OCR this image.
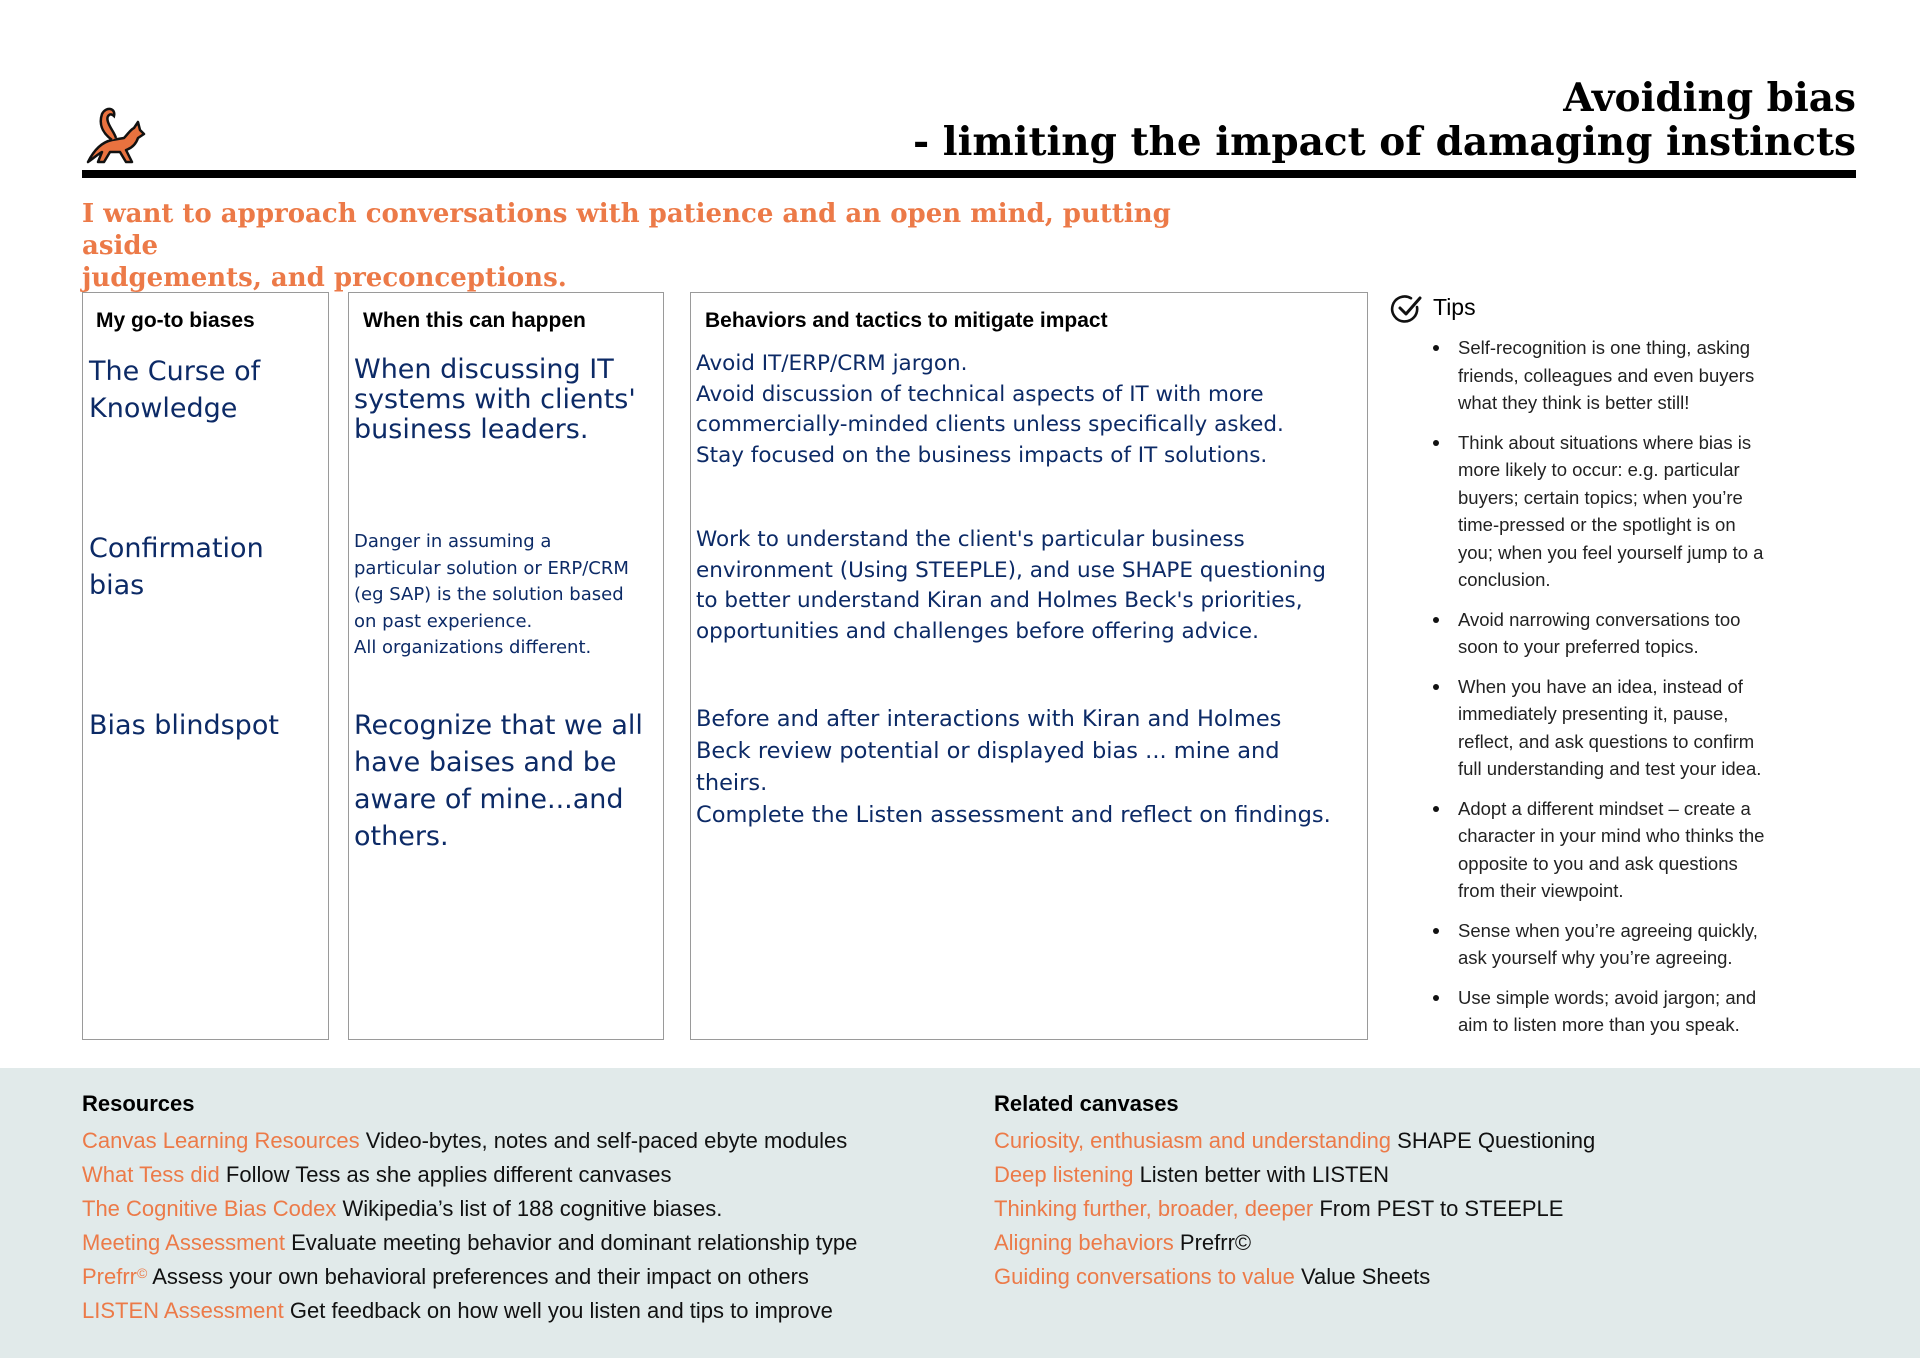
Avoiding bias
- limiting the impact of damaging instincts
I want to approach conversations with patience and an open mind, putting aside
judgements, and preconceptions.
My go-to biases
The Curse of
Knowledge
Confirmation
bias
Bias blindspot
When this can happen
When discussing IT
systems with clients'
business leaders.
Danger in assuming a
particular solution or ERP/CRM
(eg SAP) is the solution based
on past experience.
All organizations different.
Recognize that we all
have baises and be
aware of mine...and
others.
Behaviors and tactics to mitigate impact
Avoid IT/ERP/CRM jargon.
Avoid discussion of technical aspects of IT with more
commercially-minded clients unless specifically asked.
Stay focused on the business impacts of IT solutions.
Work to understand the client's particular business
environment (Using STEEPLE), and use SHAPE questioning
to better understand Kiran and Holmes Beck's priorities,
opportunities and challenges before offering advice.
Before and after interactions with Kiran and Holmes
Beck review potential or displayed bias ... mine and
theirs.
Complete the Listen assessment and reflect on findings.
Tips
Self-recognition is one thing, asking
friends, colleagues and even buyers
what they think is better still!
Think about situations where bias is
more likely to occur: e.g. particular
buyers; certain topics; when you’re
time-pressed or the spotlight is on
you; when you feel yourself jump to a
conclusion.
Avoid narrowing conversations too
soon to your preferred topics.
When you have an idea, instead of
immediately presenting it, pause,
reflect, and ask questions to confirm
full understanding and test your idea.
Adopt a different mindset – create a
character in your mind who thinks the
opposite to you and ask questions
from their viewpoint.
Sense when you’re agreeing quickly,
ask yourself why you’re agreeing.
Use simple words; avoid jargon; and
aim to listen more than you speak.
Resources
Canvas Learning Resources Video-bytes, notes and self-paced ebyte modules
What Tess did Follow Tess as she applies different canvases
The Cognitive Bias Codex Wikipedia’s list of 188 cognitive biases.
Meeting Assessment Evaluate meeting behavior and dominant relationship type
Prefrr© Assess your own behavioral preferences and their impact on others
LISTEN Assessment Get feedback on how well you listen and tips to improve
Related canvases
Curiosity, enthusiasm and understanding SHAPE Questioning
Deep listening Listen better with LISTEN
Thinking further, broader, deeper From PEST to STEEPLE
Aligning behaviors Prefrr©
Guiding conversations to value Value Sheets
